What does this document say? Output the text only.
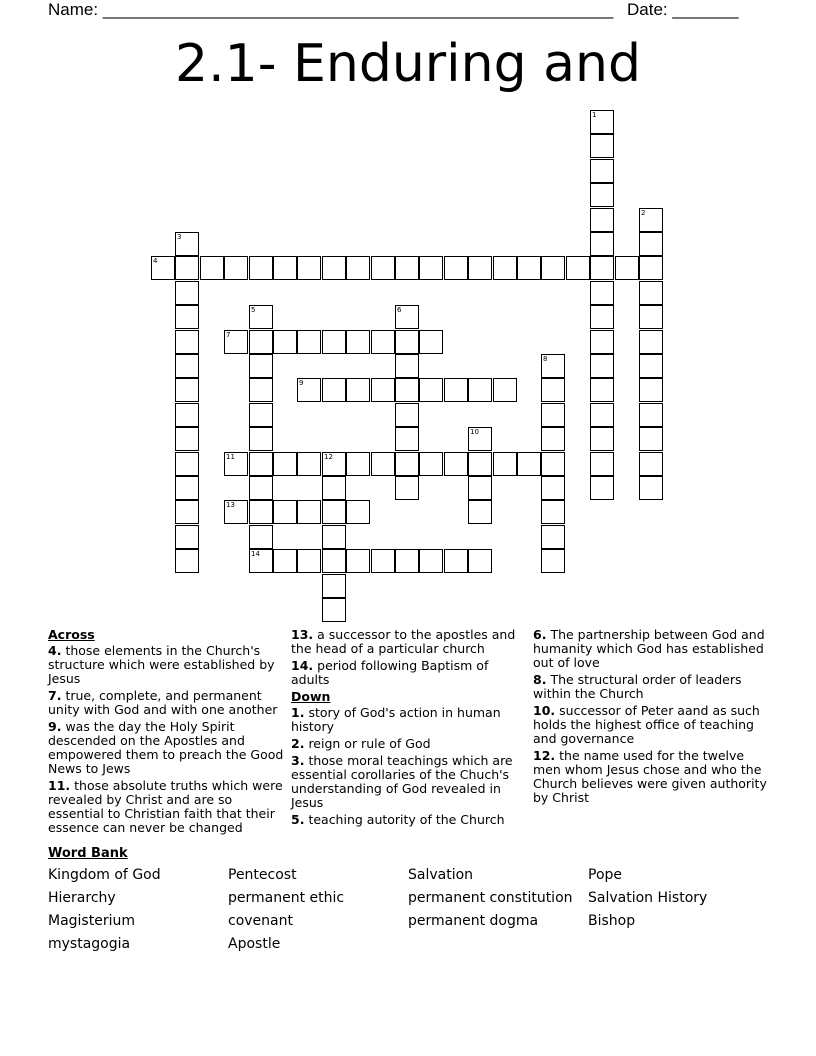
Name: ______________________________________________________ Date: _______
2.1- Enduring and
1
2
3
4
5
14
6
7
8
9
10
11	12
13
Across
4. those elements in the Church's structure which were established by Jesus
7. true, complete, and permanent unity with God and with one another
9. was the day the Holy Spirit descended on the Apostles and empowered them to preach the Good News to Jews
11. those absolute truths which were revealed by Christ and are so essential to Christian faith that their essence can never be changed
13. a successor to the apostles and the head of a particular church
14. period following Baptism of adults
Down
1. story of God's action in human history
2. reign or rule of God
3. those moral teachings which are essential corollaries of the Chuch's understanding of God revealed in Jesus
5. teaching autority of the Church
6. The partnership between God and humanity which God has established out of love
8. The structural order of leaders within the Church
10. successor of Peter aand as such holds the highest office of teaching and governance
12. the name used for the twelve men whom Jesus chose and who the Church believes were given authority by Christ
Word Bank
Kingdom of God	Pentecost	Salvation	Pope
Hierarchy	permanent ethic	permanent constitution	Salvation History
Magisterium	covenant	permanent dogma	Bishop
mystagogia	Apostle
